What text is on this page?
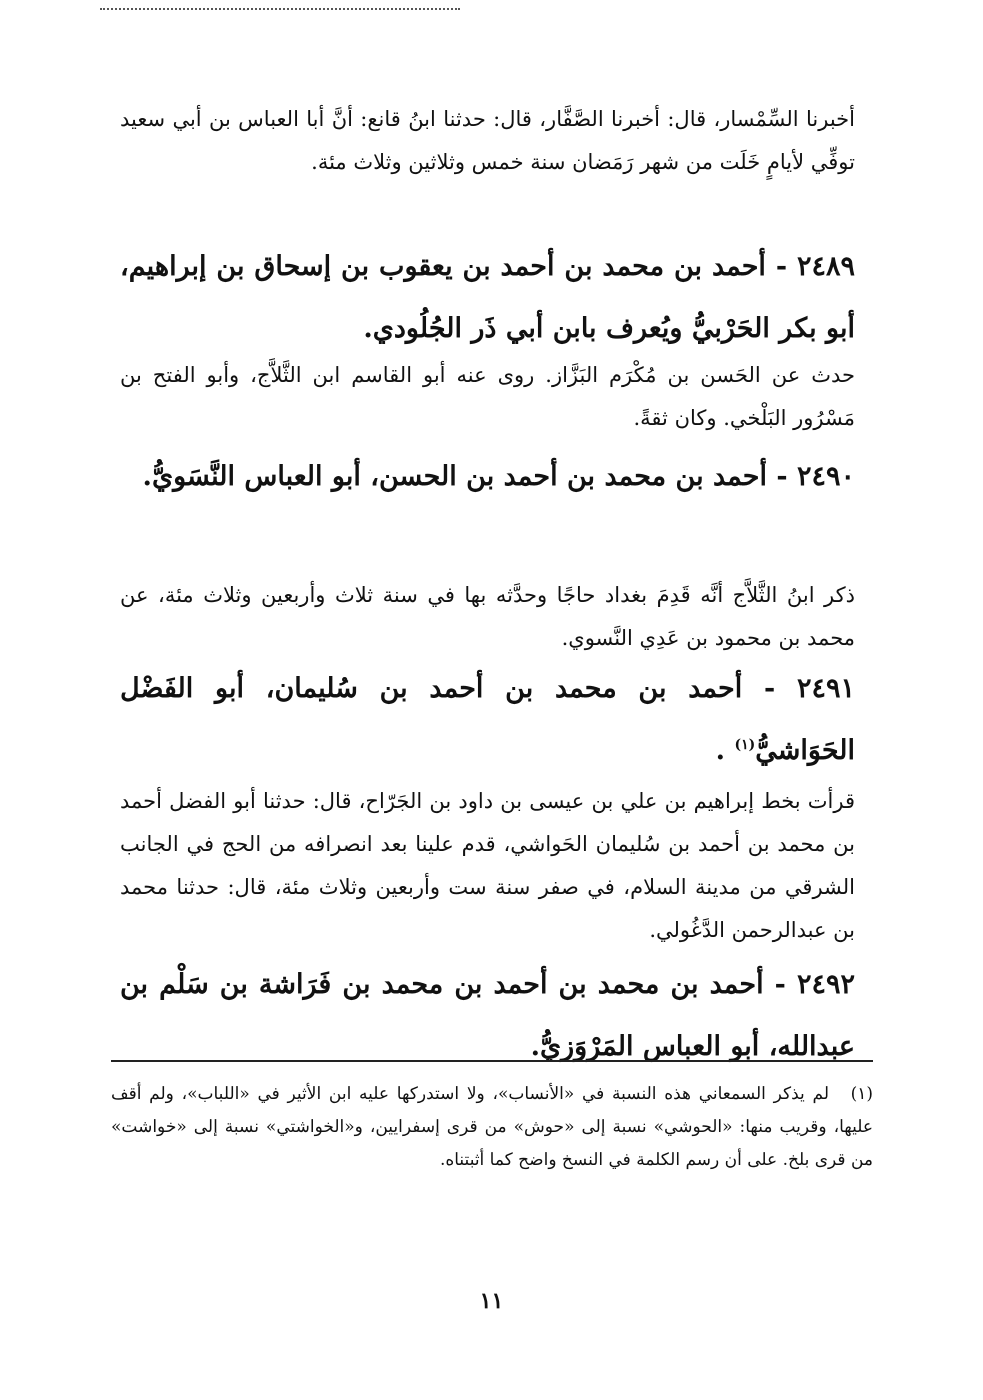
أخبرنا السِّمْسار، قال: أخبرنا الصَّفَّار، قال: حدثنا ابنُ قانع: أنَّ أبا العباس بن أبي سعيد توفِّي لأيامٍ خَلَت من شهر رَمَضان سنة خمس وثلاثين وثلاث مئة.

٢٤٨٩ - أحمد بن محمد بن أحمد بن يعقوب بن إسحاق بن إبراهيم، أبو بكر الحَرْبيُّ ويُعرف بابن أبي ذَر الجُلُودي.

حدث عن الحَسن بن مُكْرَم البَزَّاز. روى عنه أبو القاسم ابن الثَّلاَّج، وأبو الفتح بن مَسْرُور البَلْخي. وكان ثقةً.

٢٤٩٠ - أحمد بن محمد بن أحمد بن الحسن، أبو العباس النَّسَويُّ.

ذكر ابنُ الثَّلاَّج أنَّه قَدِمَ بغداد حاجًا وحدَّثه بها في سنة ثلاث وأربعين وثلاث مئة، عن محمد بن محمود بن عَدِي النَّسوي.

٢٤٩١ - أحمد بن محمد بن أحمد بن سُليمان، أبو الفَضْل الحَوَاشيُّ$^{(١)}$ .

قرأت بخط إبراهيم بن علي بن عيسى بن داود بن الجَرّاح، قال: حدثنا أبو الفضل أحمد بن محمد بن أحمد بن سُليمان الحَواشي، قدم علينا بعد انصرافه من الحج في الجانب الشرقي من مدينة السلام، في صفر سنة ست وأربعين وثلاث مئة، قال: حدثنا محمد بن عبدالرحمن الدَّغُولي.

٢٤٩٢ - أحمد بن محمد بن أحمد بن محمد بن فَرَاشة بن سَلْم بن عبدالله، أبو العباس المَرْوَزيُّ.

(١)لم يذكر السمعاني هذه النسبة في «الأنساب»، ولا استدركها عليه ابن الأثير في «اللباب»، ولم أقف عليها، وقريب منها: «الحوشي» نسبة إلى «حوش» من قرى إسفرايين، و«الخواشتي» نسبة إلى «خواشت» من قرى بلخ. على أن رسم الكلمة في النسخ واضح كما أثبتناه.

١١
